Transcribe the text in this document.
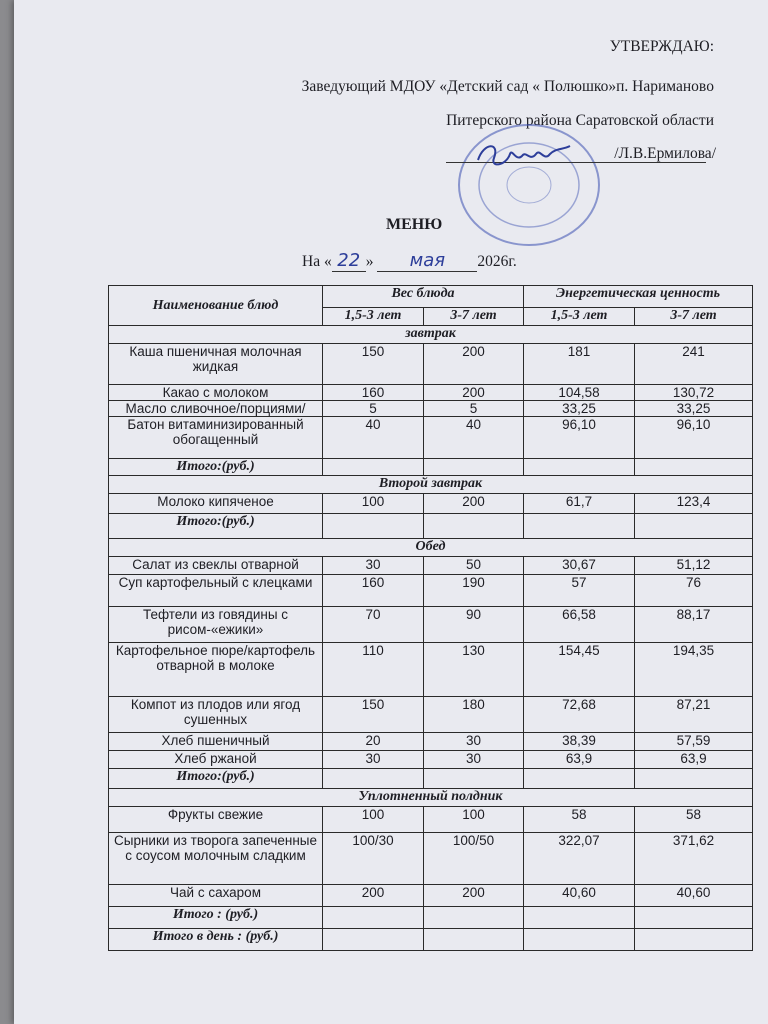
УТВЕРЖДАЮ:
Заведующий МДОУ «Детский сад « Полюшко»п. Наримановo
Питерского района Саратовской области
/Л.В.Ермилова/
МЕНЮ
На « 22 » мая 2026г.
Наименование блюд	Вес блюда		Энергетическая ценность	
	1,5-3 лет	3-7 лет	1,5-3 лет	3-7 лет
завтрак				
Каша пшеничная молочная жидкая	150	200	181	241
Какао с молоком	160	200	104,58	130,72
Масло сливочное/порциями/	5	5	33,25	33,25
Батон витаминизированный обогащенный	40	40	96,10	96,10
Итого:(руб.)				
Второй завтрак				
Молоко кипяченое	100	200	61,7	123,4
Итого:(руб.)				
Обед				
Салат из свеклы отварной	30	50	30,67	51,12
Суп картофельный с клецками	160	190	57	76
Тефтели из говядины с рисом-«ежики»	70	90	66,58	88,17
Картофельное пюре/картофель отварной в молоке	110	130	154,45	194,35
Компот из плодов или ягод сушенных	150	180	72,68	87,21
Хлеб пшеничный	20	30	38,39	57,59
Хлеб ржаной	30	30	63,9	63,9
Итого:(руб.)				
Уплотненный полдник				
Фрукты свежие	100	100	58	58
Сырники из творога запеченные с соусом молочным сладким	100/30	100/50	322,07	371,62
Чай с сахаром	200	200	40,60	40,60
Итого : (руб.)				
Итого в день : (руб.)				
